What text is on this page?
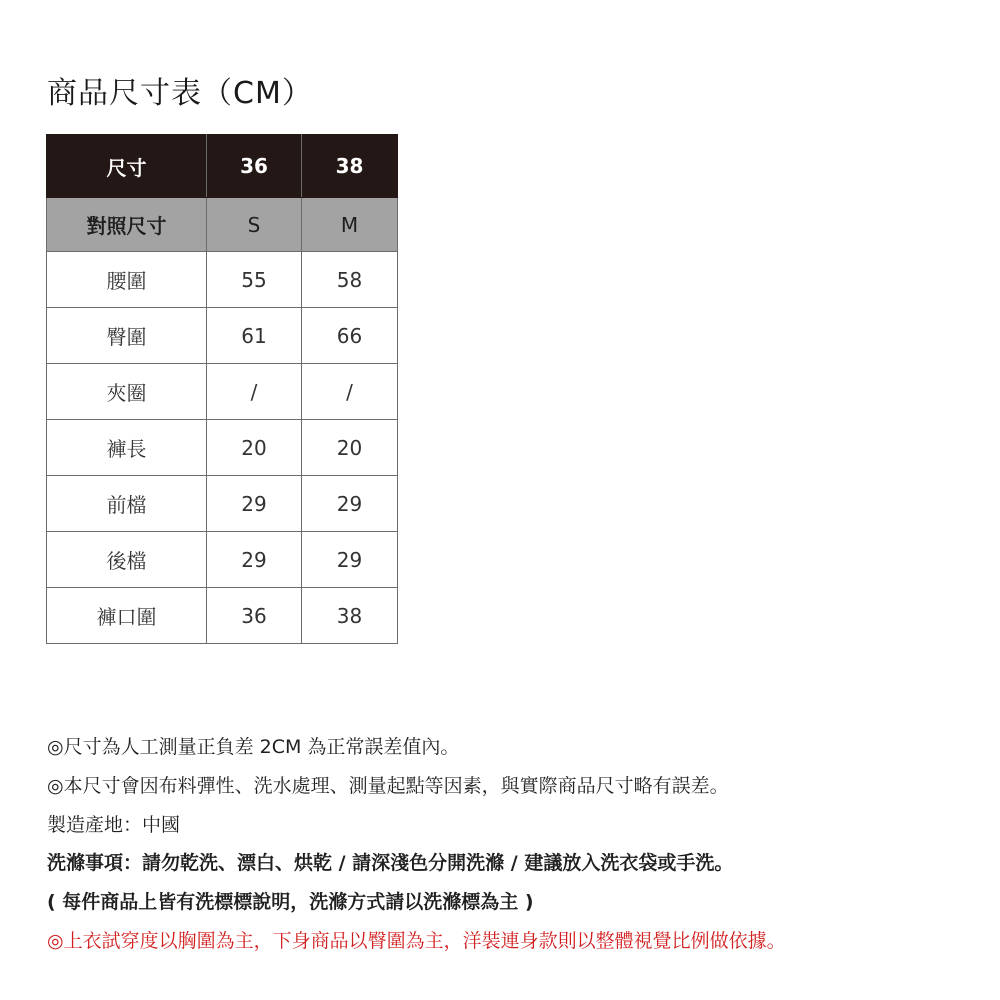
商品尺寸表（CM）
尺寸	36	38
對照尺寸	S	M
腰圍	55	58
臀圍	61	66
夾圈	/	/
褲長	20	20
前檔	29	29
後檔	29	29
褲口圍	36	38
◎尺寸為人工測量正負差 2CM 為正常誤差值內。
◎本尺寸會因布料彈性、洗水處理、測量起點等因素，與實際商品尺寸略有誤差。
製造產地：中國
洗滌事項：請勿乾洗、漂白、烘乾 / 請深淺色分開洗滌 / 建議放入洗衣袋或手洗。
( 每件商品上皆有洗標標說明，洗滌方式請以洗滌標為主 )
◎上衣試穿度以胸圍為主，下身商品以臀圍為主，洋裝連身款則以整體視覺比例做依據。
